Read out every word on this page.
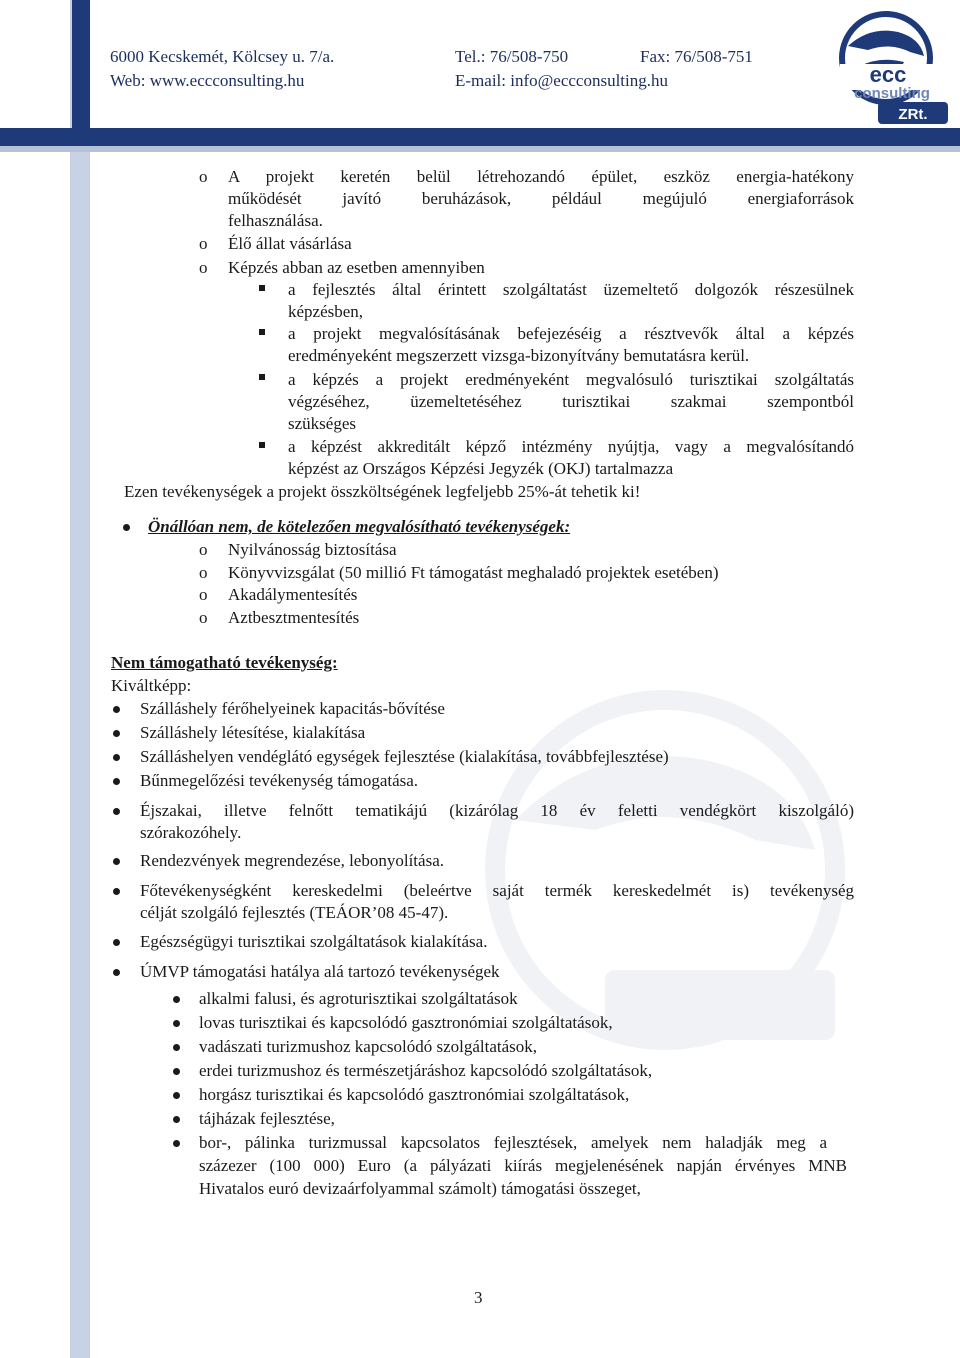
6000 Kecskemét, Kölcsey u. 7/a.	Tel.: 76/508-750	Fax: 76/508-751
Web: www.eccconsulting.hu	E-mail: info@eccconsulting.hu	ecc
consulting
ZRt.
o A projekt keretén belül létrehozandó épület, eszköz energia-hatékony
működését javító beruházások, például megújuló energiaforrások
felhasználása.
o Élő állat vásárlása
o Képzés abban az esetben amennyiben
a fejlesztés által érintett szolgáltatást üzemeltető dolgozók részesülnek
képzésben,
a projekt megvalósításának befejezéséig a résztvevők által a képzés
eredményeként megszerzett vizsga-bizonyítvány bemutatásra kerül.
a képzés a projekt eredményeként megvalósuló turisztikai szolgáltatás
végzéséhez, üzemeltetéséhez turisztikai szakmai szempontból
szükséges
a képzést akkreditált képző intézmény nyújtja, vagy a megvalósítandó
képzést az Országos Képzési Jegyzék (OKJ) tartalmazza
Ezen tevékenységek a projekt összköltségének legfeljebb 25%-át tehetik ki!
Önállóan nem, de kötelezően megvalósítható tevékenységek:
o Nyilvánosság biztosítása
o Könyvvizsgálat (50 millió Ft támogatást meghaladó projektek esetében)
o Akadálymentesítés
o Aztbesztmentesítés
Nem támogatható tevékenység:
Kiváltképp:
Szálláshely férőhelyeinek kapacitás-bővítése
Szálláshely létesítése, kialakítása
Szálláshelyen vendéglátó egységek fejlesztése (kialakítása, továbbfejlesztése)
Bűnmegelőzési tevékenység támogatása.
Éjszakai, illetve felnőtt tematikájú (kizárólag 18 év feletti vendégkört kiszolgáló)
szórakozóhely.
Rendezvények megrendezése, lebonyolítása.
Főtevékenységként kereskedelmi (beleértve saját termék kereskedelmét is) tevékenység
célját szolgáló fejlesztés (TEÁOR’08 45-47).
Egészségügyi turisztikai szolgáltatások kialakítása.
ÚMVP támogatási hatálya alá tartozó tevékenységek
alkalmi falusi, és agroturisztikai szolgáltatások
lovas turisztikai és kapcsolódó gasztronómiai szolgáltatások,
vadászati turizmushoz kapcsolódó szolgáltatások,
erdei turizmushoz és természetjáráshoz kapcsolódó szolgáltatások,
horgász turisztikai és kapcsolódó gasztronómiai szolgáltatások,
tájházak fejlesztése,
bor-, pálinka turizmussal kapcsolatos fejlesztések, amelyek nem haladják meg a
százezer (100 000) Euro (a pályázati kiírás megjelenésének napján érvényes MNB
Hivatalos euró devizaárfolyammal számolt) támogatási összeget,
3
